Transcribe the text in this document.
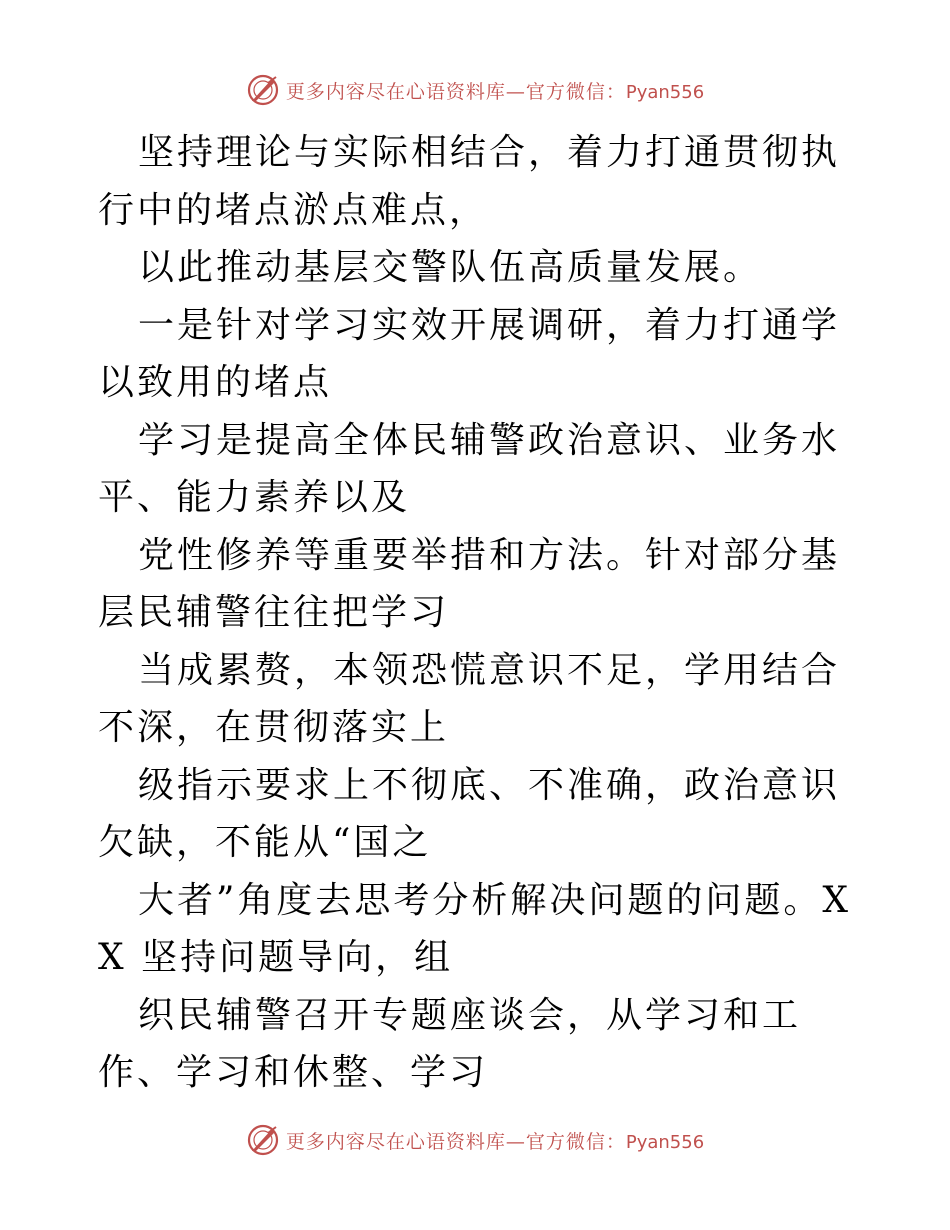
更多内容尽在心语资料库—官方微信：Pyan556

坚持理论与实际相结合，着力打通贯彻执行中的堵点淤点难点，

以此推动基层交警队伍高质量发展。

一是针对学习实效开展调研，着力打通学以致用的堵点

学习是提高全体民辅警政治意识、业务水平、能力素养以及

党性修养等重要举措和方法。针对部分基层民辅警往往把学习

当成累赘，本领恐慌意识不足，学用结合不深，在贯彻落实上

级指示要求上不彻底、不准确，政治意识欠缺，不能从“国之

大者”角度去思考分析解决问题的问题。XX 坚持问题导向，组

织民辅警召开专题座谈会，从学习和工作、学习和休整、学习

更多内容尽在心语资料库—官方微信：Pyan556
